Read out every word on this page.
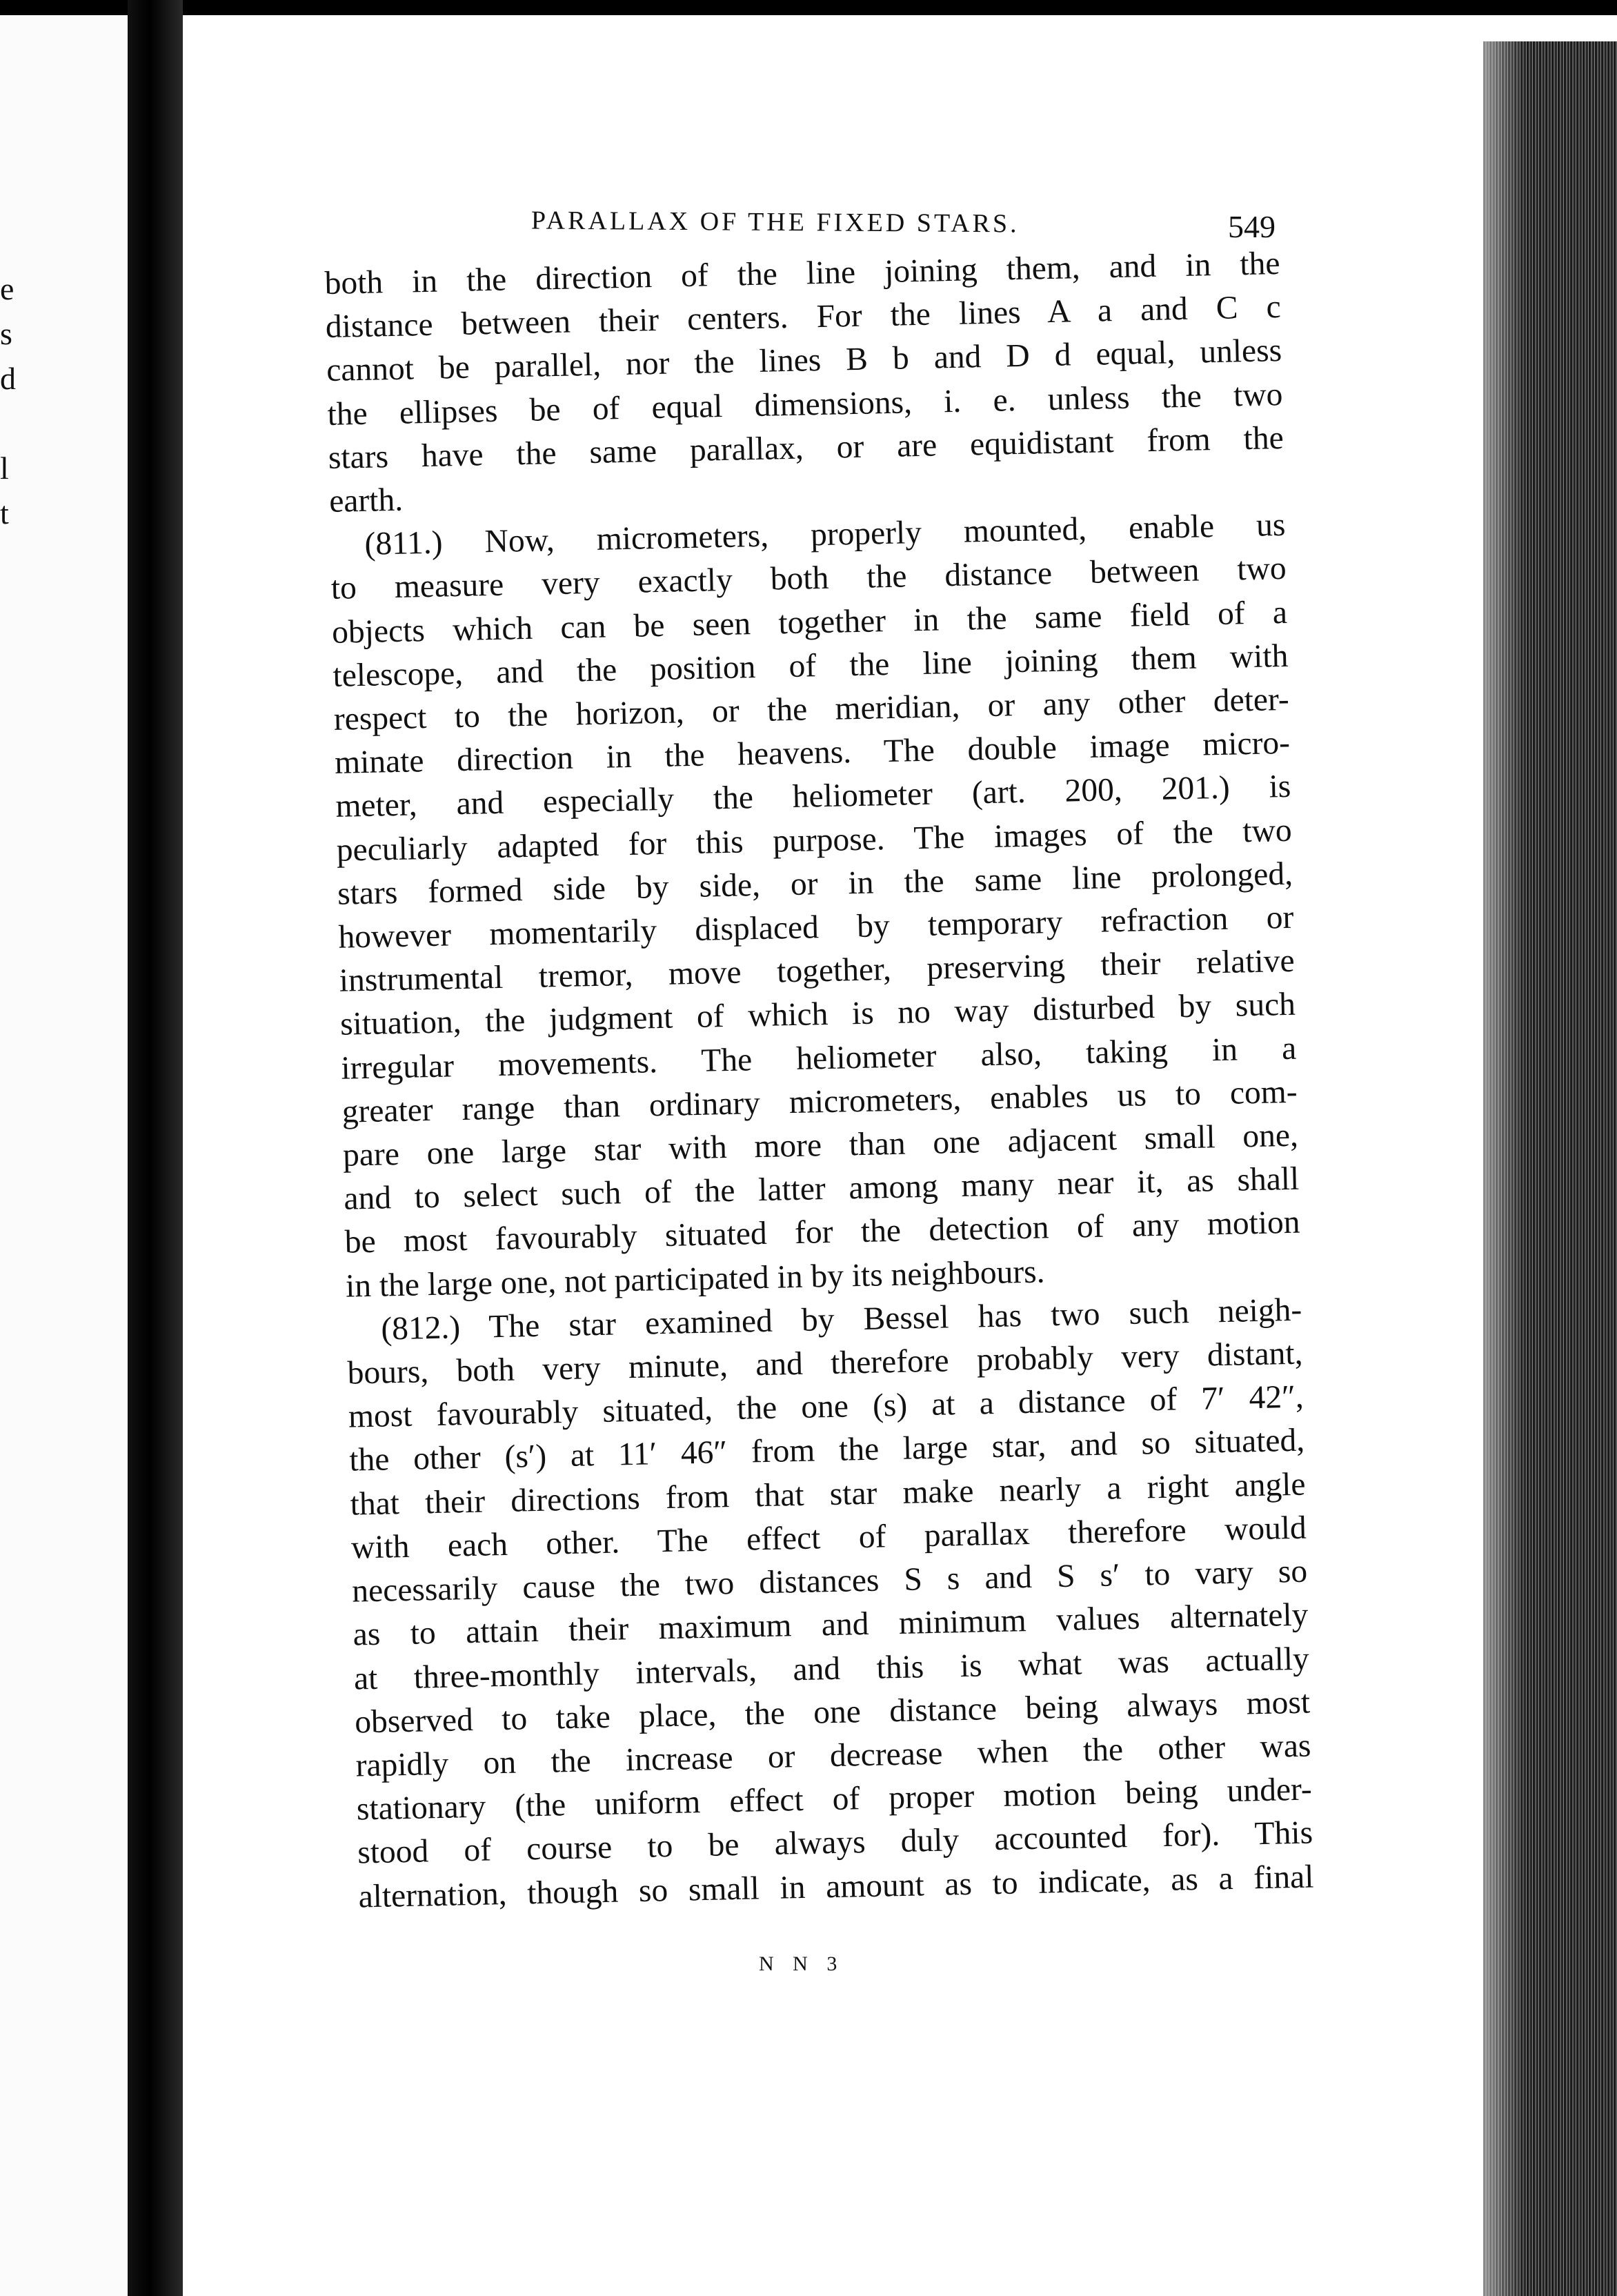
e
s
d
l
t
PARALLAX OF THE FIXED STARS.	549
both in the direction of the line joining them, and in the
distance between their centers. For the lines A a and C c
cannot be parallel, nor the lines B b and D d equal, unless
the ellipses be of equal dimensions, i. e. unless the two
stars have the same parallax, or are equidistant from the
earth.
(811.) Now, micrometers, properly mounted, enable us
to measure very exactly both the distance between two
objects which can be seen together in the same field of a
telescope, and the position of the line joining them with
respect to the horizon, or the meridian, or any other deter-
minate direction in the heavens. The double image micro-
meter, and especially the heliometer (art. 200, 201.) is
peculiarly adapted for this purpose. The images of the two
stars formed side by side, or in the same line prolonged,
however momentarily displaced by temporary refraction or
instrumental tremor, move together, preserving their relative
situation, the judgment of which is no way disturbed by such
irregular movements. The heliometer also, taking in a
greater range than ordinary micrometers, enables us to com-
pare one large star with more than one adjacent small one,
and to select such of the latter among many near it, as shall
be most favourably situated for the detection of any motion
in the large one, not participated in by its neighbours.
(812.) The star examined by Bessel has two such neigh-
bours, both very minute, and therefore probably very distant,
most favourably situated, the one (s) at a distance of 7′ 42″,
the other (s′) at 11′ 46″ from the large star, and so situated,
that their directions from that star make nearly a right angle
with each other. The effect of parallax therefore would
necessarily cause the two distances S s and S s′ to vary so
as to attain their maximum and minimum values alternately
at three-monthly intervals, and this is what was actually
observed to take place, the one distance being always most
rapidly on the increase or decrease when the other was
stationary (the uniform effect of proper motion being under-
stood of course to be always duly accounted for). This
alternation, though so small in amount as to indicate, as a final
N N 3
